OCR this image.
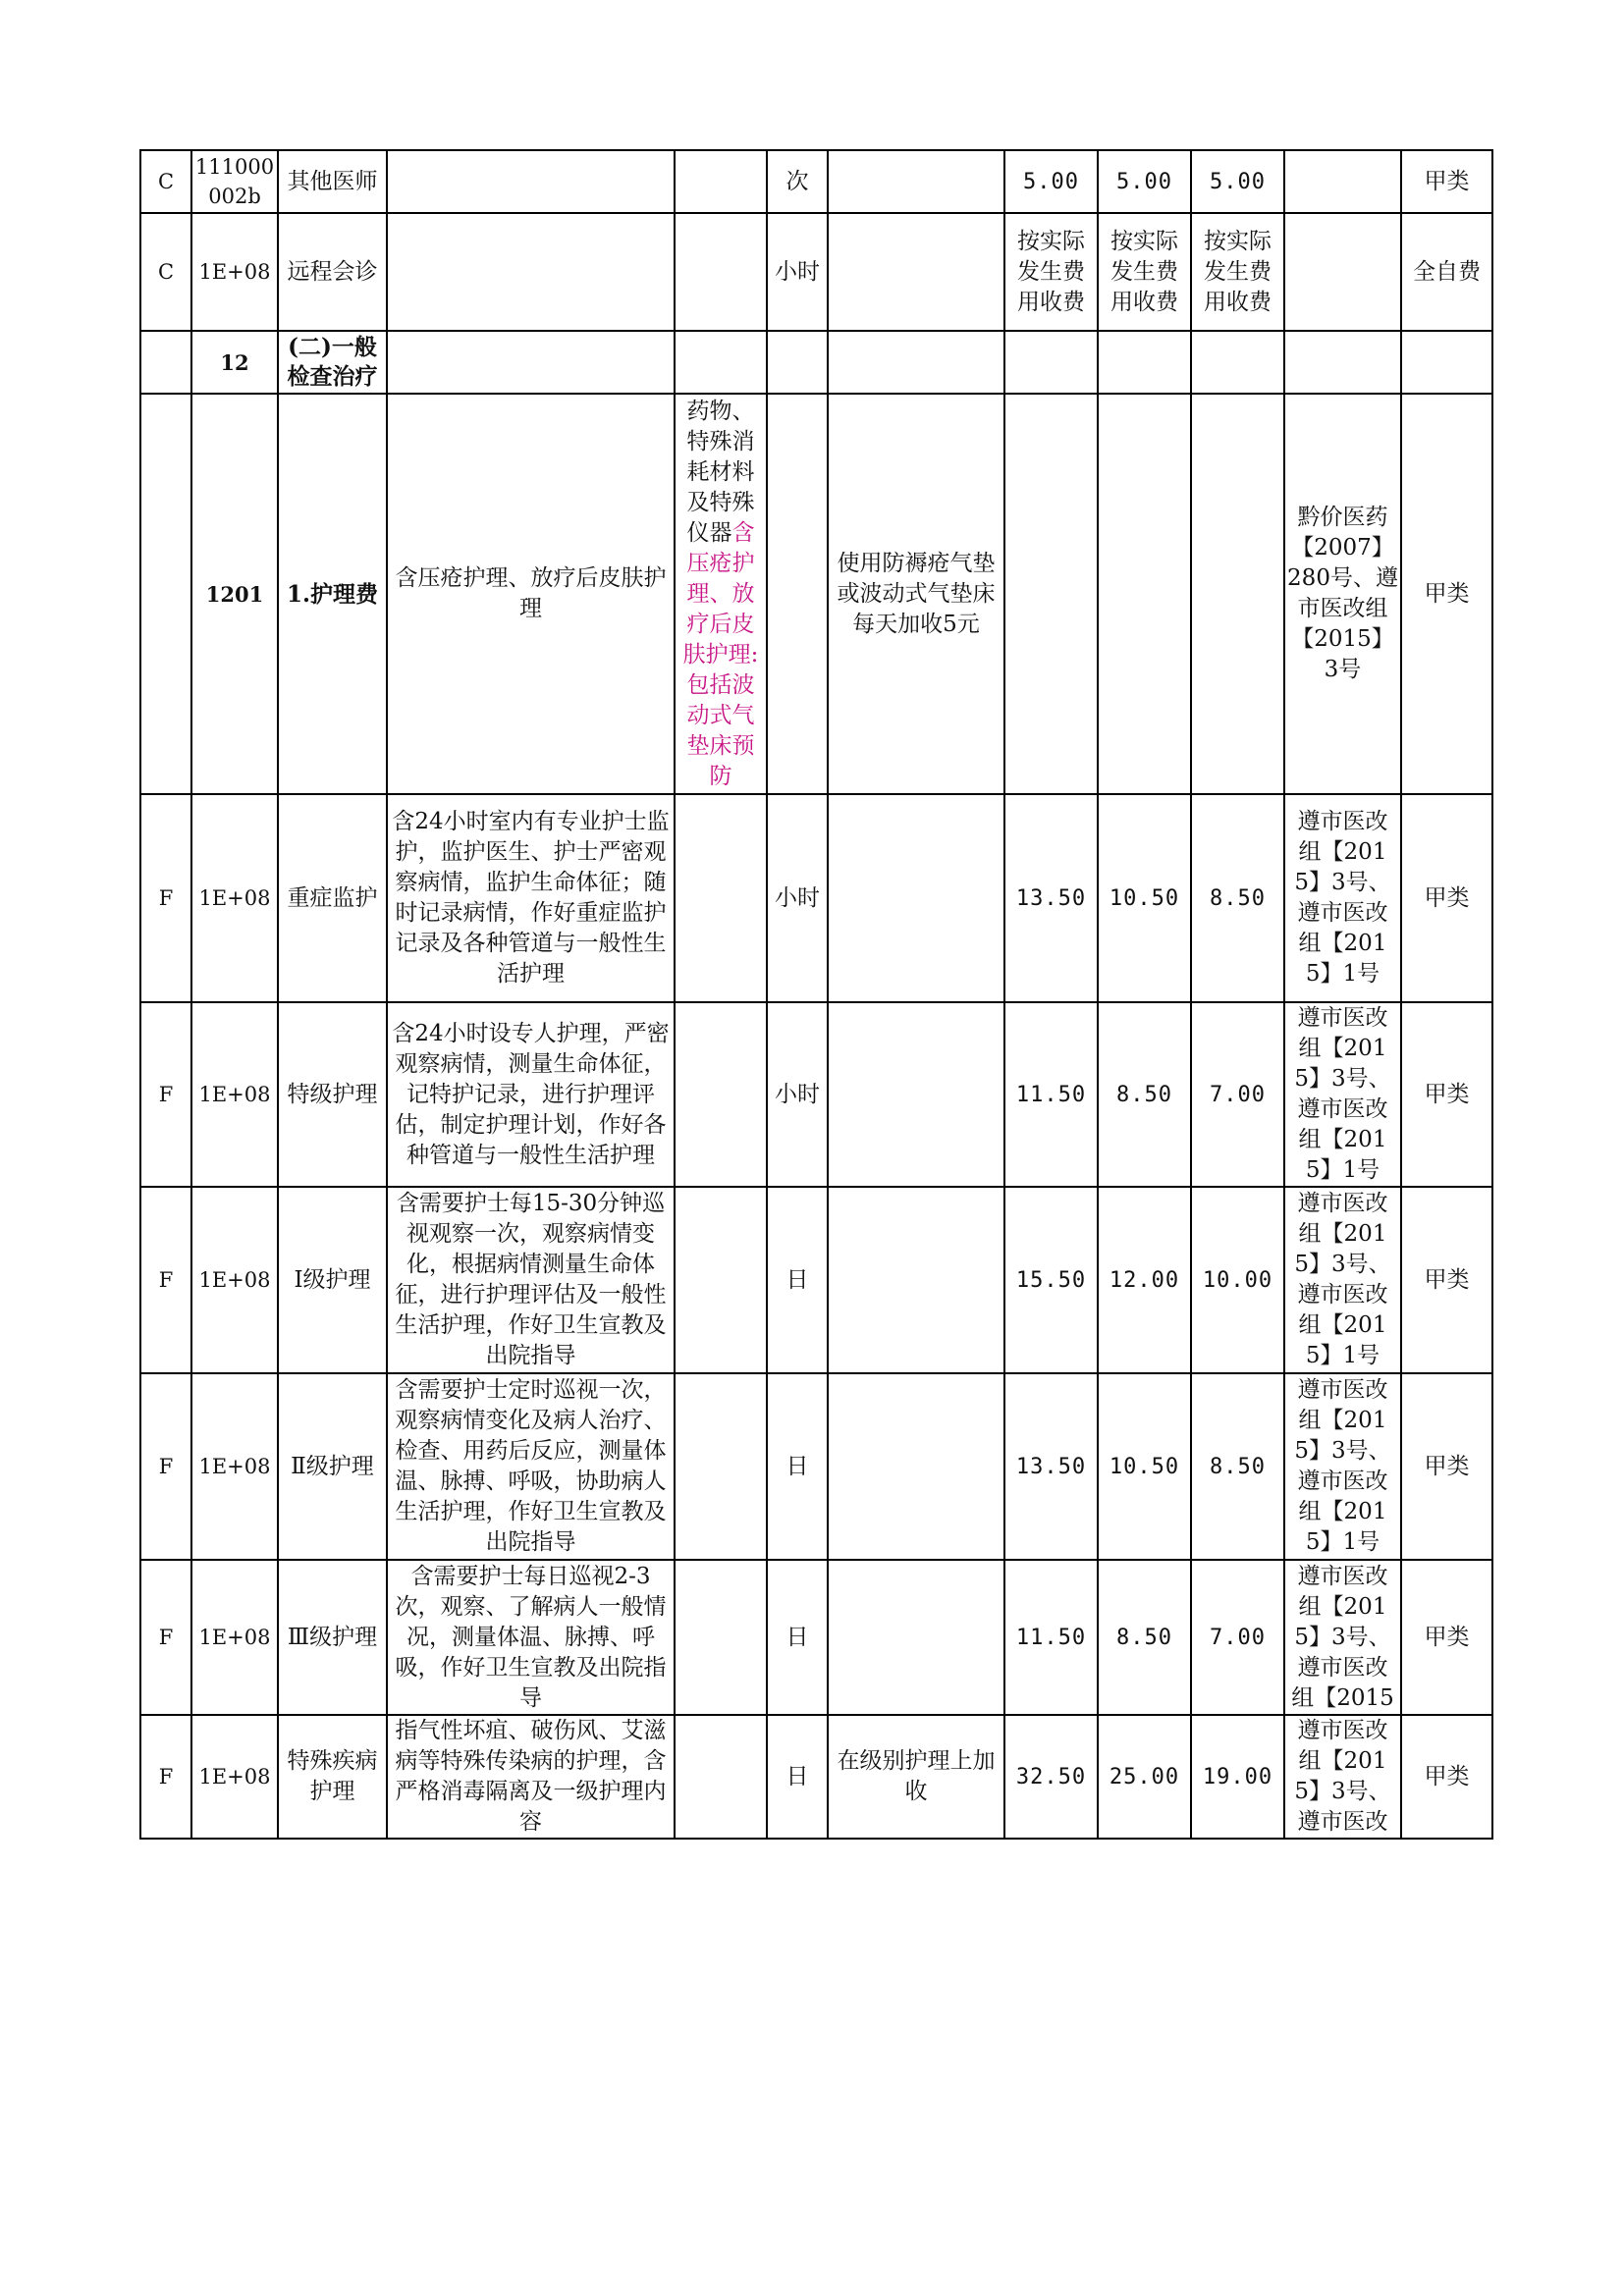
C	111000002b	其他医师			次		5.00	5.00	5.00		甲类
C	1E+08	远程会诊			小时		按实际发生费用收费	按实际发生费用收费	按实际发生费用收费		全自费
	12	(二)一般检查治疗									
	1201	1.护理费	含压疮护理、放疗后皮肤护理	药物、特殊消耗材料及特殊仪器含压疮护理、放疗后皮肤护理:包括波动式气垫床预防		使用防褥疮气垫或波动式气垫床每天加收5元				黔价医药【2007】280号、遵市医改组【2015】3号	甲类
F	1E+08	重症监护	含24小时室内有专业护士监护，监护医生、护士严密观察病情，监护生命体征；随时记录病情，作好重症监护记录及各种管道与一般性生活护理		小时		13.50	10.50	8.50	遵市医改组【2015】3号、遵市医改组【2015】1号	甲类
F	1E+08	特级护理	含24小时设专人护理，严密观察病情，测量生命体征，记特护记录，进行护理评估，制定护理计划，作好各种管道与一般性生活护理		小时		11.50	8.50	7.00	遵市医改组【2015】3号、遵市医改组【2015】1号	甲类
F	1E+08	Ⅰ级护理	含需要护士每15-30分钟巡视观察一次，观察病情变化，根据病情测量生命体征，进行护理评估及一般性生活护理，作好卫生宣教及出院指导		日		15.50	12.00	10.00	遵市医改组【2015】3号、遵市医改组【2015】1号	甲类
F	1E+08	Ⅱ级护理	含需要护士定时巡视一次，观察病情变化及病人治疗、检查、用药后反应，测量体温、脉搏、呼吸，协助病人生活护理，作好卫生宣教及出院指导		日		13.50	10.50	8.50	遵市医改组【2015】3号、遵市医改组【2015】1号	甲类
F	1E+08	Ⅲ级护理	含需要护士每日巡视2-3次，观察、了解病人一般情况，测量体温、脉搏、呼吸，作好卫生宣教及出院指导		日		11.50	8.50	7.00	遵市医改组【2015】3号、遵市医改组【2015	甲类
F	1E+08	特殊疾病护理	指气性坏疽、破伤风、艾滋病等特殊传染病的护理，含严格消毒隔离及一级护理内容		日	在级别护理上加收	32.50	25.00	19.00	遵市医改组【2015】3号、遵市医改	甲类
